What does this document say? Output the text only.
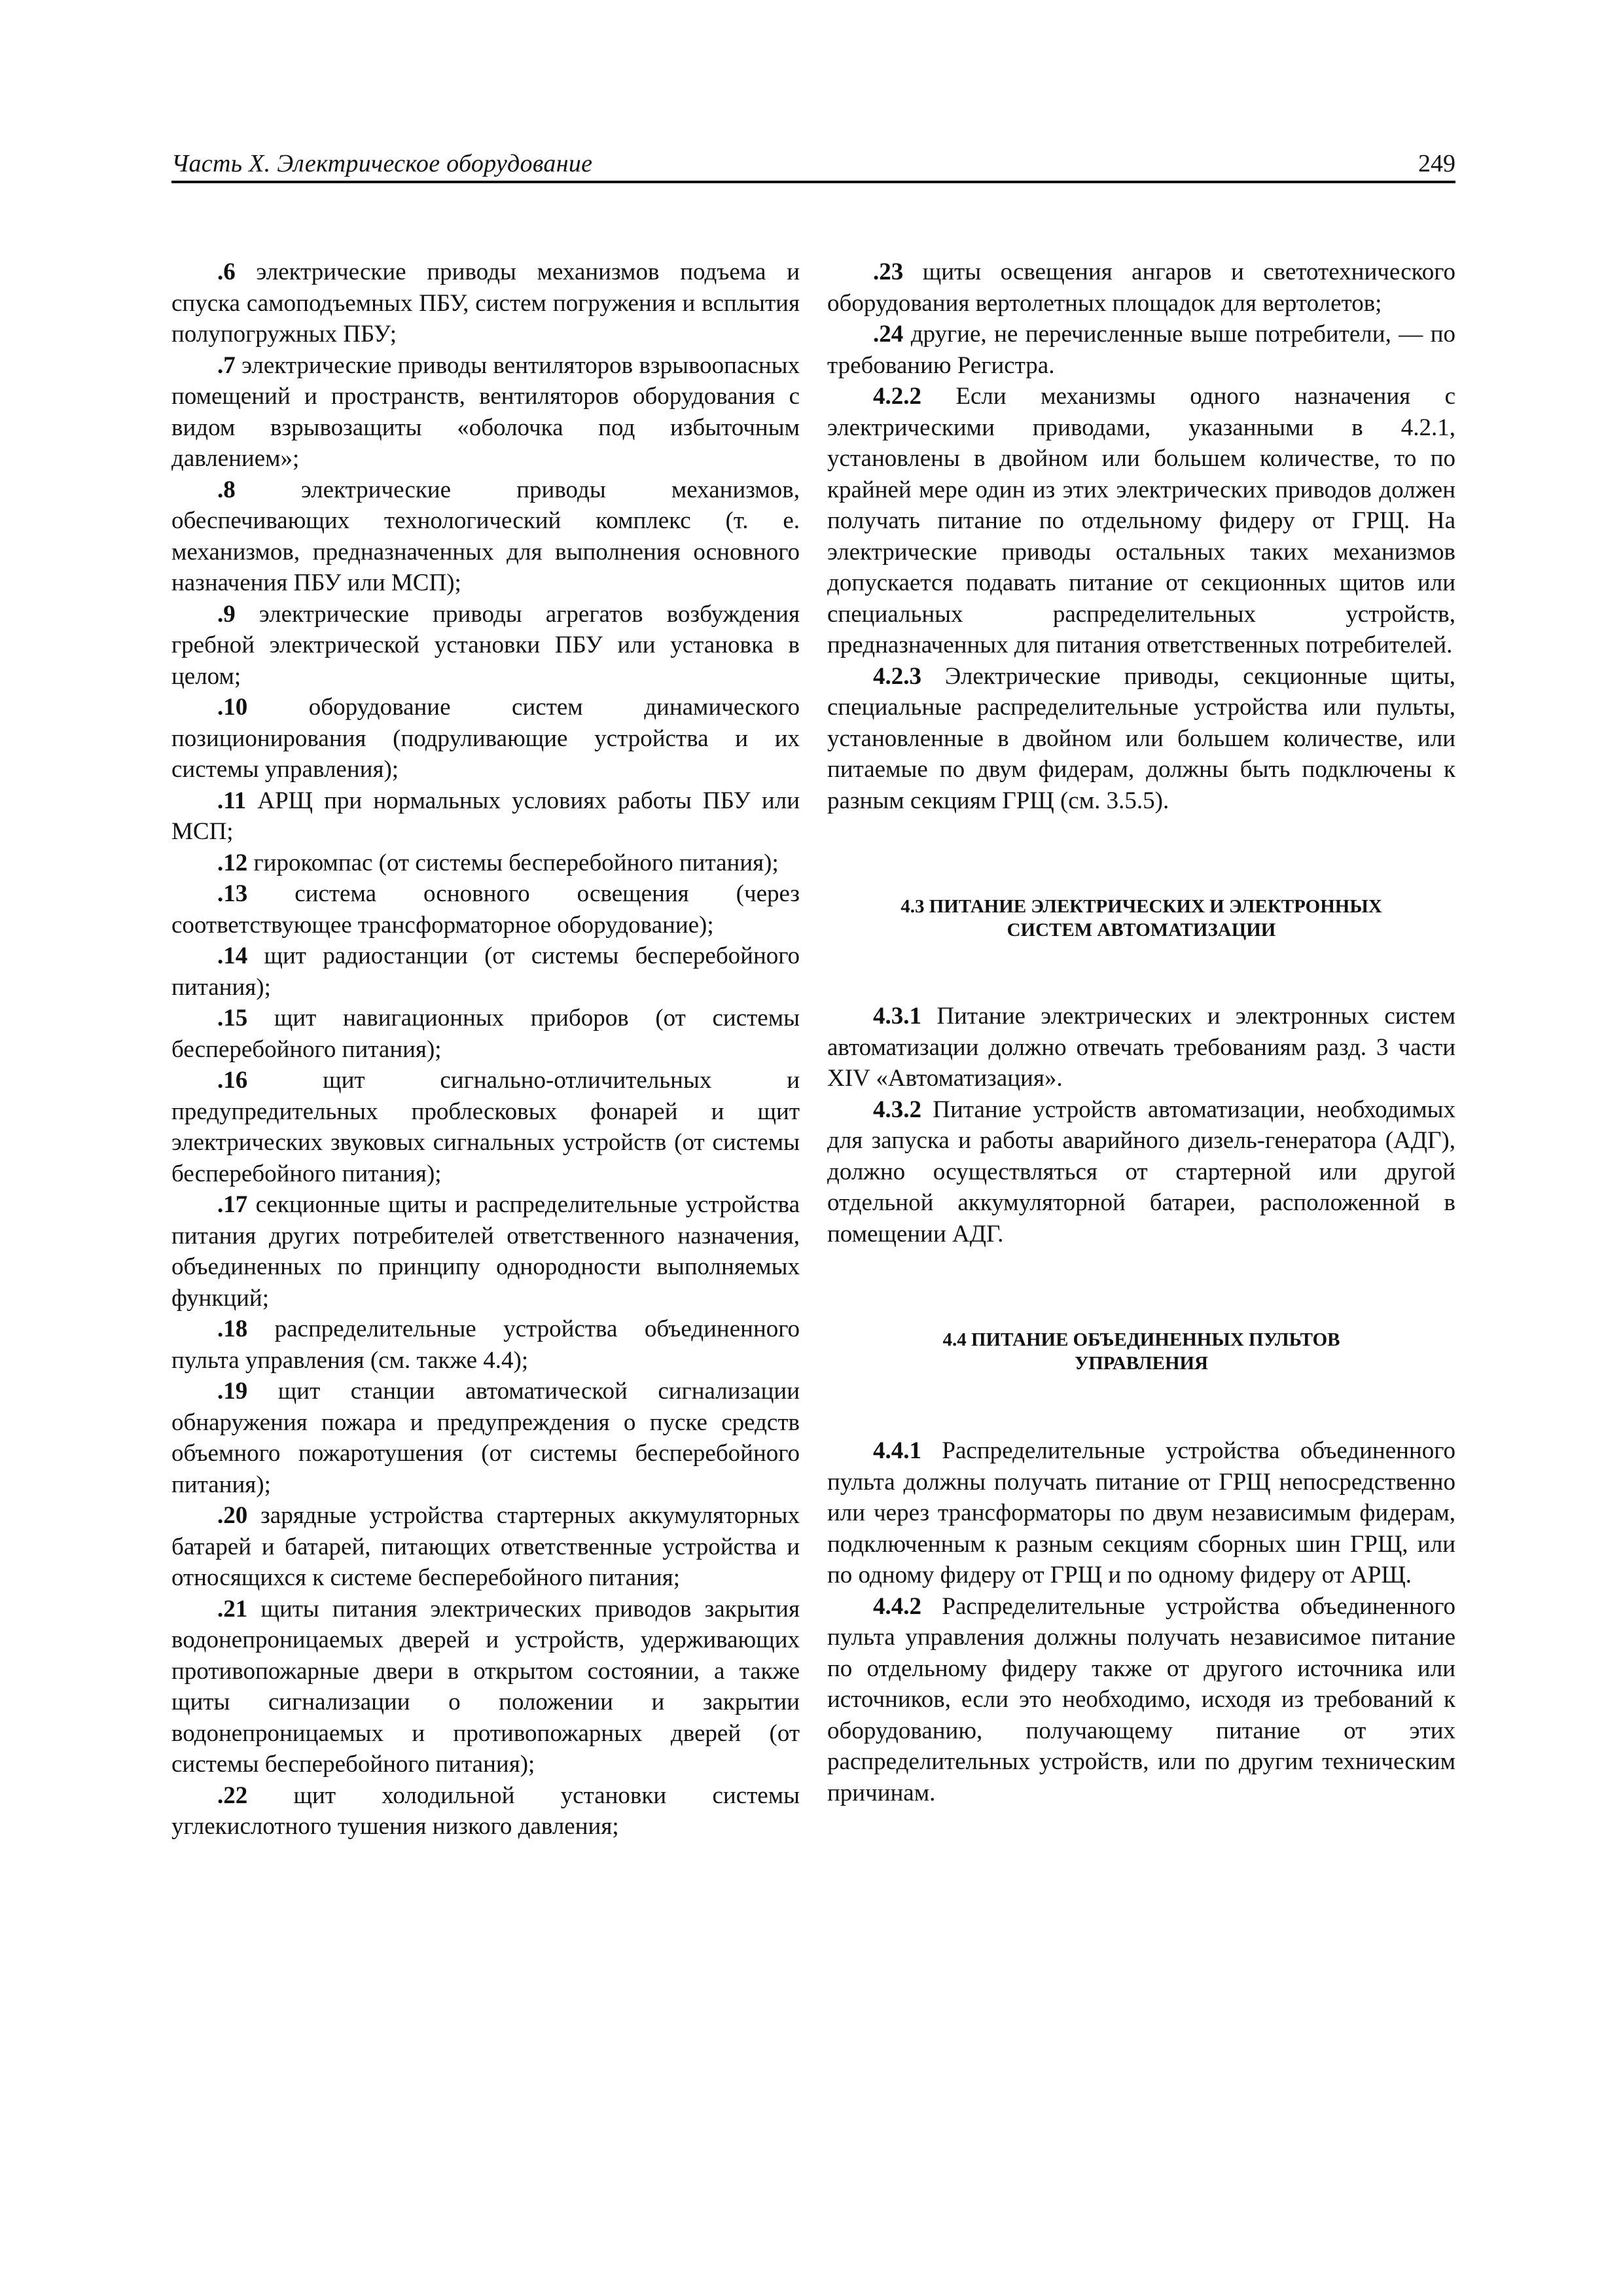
Часть X. Электрическое оборудование	249

.6 электрические приводы механизмов подъема и спуска самоподъемных ПБУ, систем погружения и всплытия полупогружных ПБУ;

.7 электрические приводы вентиляторов взрывоопасных помещений и пространств, вентиляторов оборудования с видом взрывозащиты «оболочка под избыточным давлением»;

.8 электрические приводы механизмов, обеспечивающих технологический комплекс (т. е. механизмов, предназначенных для выполнения основного назначения ПБУ или МСП);

.9 электрические приводы агрегатов возбуждения гребной электрической установки ПБУ или установка в целом;

.10 оборудование систем динамического позиционирования (подруливающие устройства и их системы управления);

.11 АРЩ при нормальных условиях работы ПБУ или МСП;

.12 гирокомпас (от системы бесперебойного питания);

.13 система основного освещения (через соответствующее трансформаторное оборудование);

.14 щит радиостанции (от системы бесперебойного питания);

.15 щит навигационных приборов (от системы бесперебойного питания);

.16 щит сигнально-отличительных и предупредительных проблесковых фонарей и щит электрических звуковых сигнальных устройств (от системы бесперебойного питания);

.17 секционные щиты и распределительные устройства питания других потребителей ответственного назначения, объединенных по принципу однородности выполняемых функций;

.18 распределительные устройства объединенного пульта управления (см. также 4.4);

.19 щит станции автоматической сигнализации обнаружения пожара и предупреждения о пуске средств объемного пожаротушения (от системы бесперебойного питания);

.20 зарядные устройства стартерных аккумуляторных батарей и батарей, питающих ответственные устройства и относящихся к системе бесперебойного питания;

.21 щиты питания электрических приводов закрытия водонепроницаемых дверей и устройств, удерживающих противопожарные двери в открытом состоянии, а также щиты сигнализации о положении и закрытии водонепроницаемых и противопожарных дверей (от системы бесперебойного питания);

.22 щит холодильной установки системы углекислотного тушения низкого давления;

.23 щиты освещения ангаров и светотехнического оборудования вертолетных площадок для вертолетов;

.24 другие, не перечисленные выше потребители, — по требованию Регистра.

4.2.2 Если механизмы одного назначения с электрическими приводами, указанными в 4.2.1, установлены в двойном или большем количестве, то по крайней мере один из этих электрических приводов должен получать питание по отдельному фидеру от ГРЩ. На электрические приводы остальных таких механизмов допускается подавать питание от секционных щитов или специальных распределительных устройств, предназначенных для питания ответственных потребителей.

4.2.3 Электрические приводы, секционные щиты, специальные распределительные устройства или пульты, установленные в двойном или большем количестве, или питаемые по двум фидерам, должны быть подключены к разным секциям ГРЩ (см. 3.5.5).

4.3 ПИТАНИЕ ЭЛЕКТРИЧЕСКИХ И ЭЛЕКТРОННЫХ
СИСТЕМ АВТОМАТИЗАЦИИ

4.3.1 Питание электрических и электронных систем автоматизации должно отвечать требованиям разд. 3 части XIV «Автоматизация».

4.3.2 Питание устройств автоматизации, необходимых для запуска и работы аварийного дизель-генератора (АДГ), должно осуществляться от стартерной или другой отдельной аккумуляторной батареи, расположенной в помещении АДГ.

4.4 ПИТАНИЕ ОБЪЕДИНЕННЫХ ПУЛЬТОВ
УПРАВЛЕНИЯ

4.4.1 Распределительные устройства объединенного пульта должны получать питание от ГРЩ непосредственно или через трансформаторы по двум независимым фидерам, подключенным к разным секциям сборных шин ГРЩ, или по одному фидеру от ГРЩ и по одному фидеру от АРЩ.

4.4.2 Распределительные устройства объединенного пульта управления должны получать независимое питание по отдельному фидеру также от другого источника или источников, если это необходимо, исходя из требований к оборудованию, получающему питание от этих распределительных устройств, или по другим техническим причинам.
